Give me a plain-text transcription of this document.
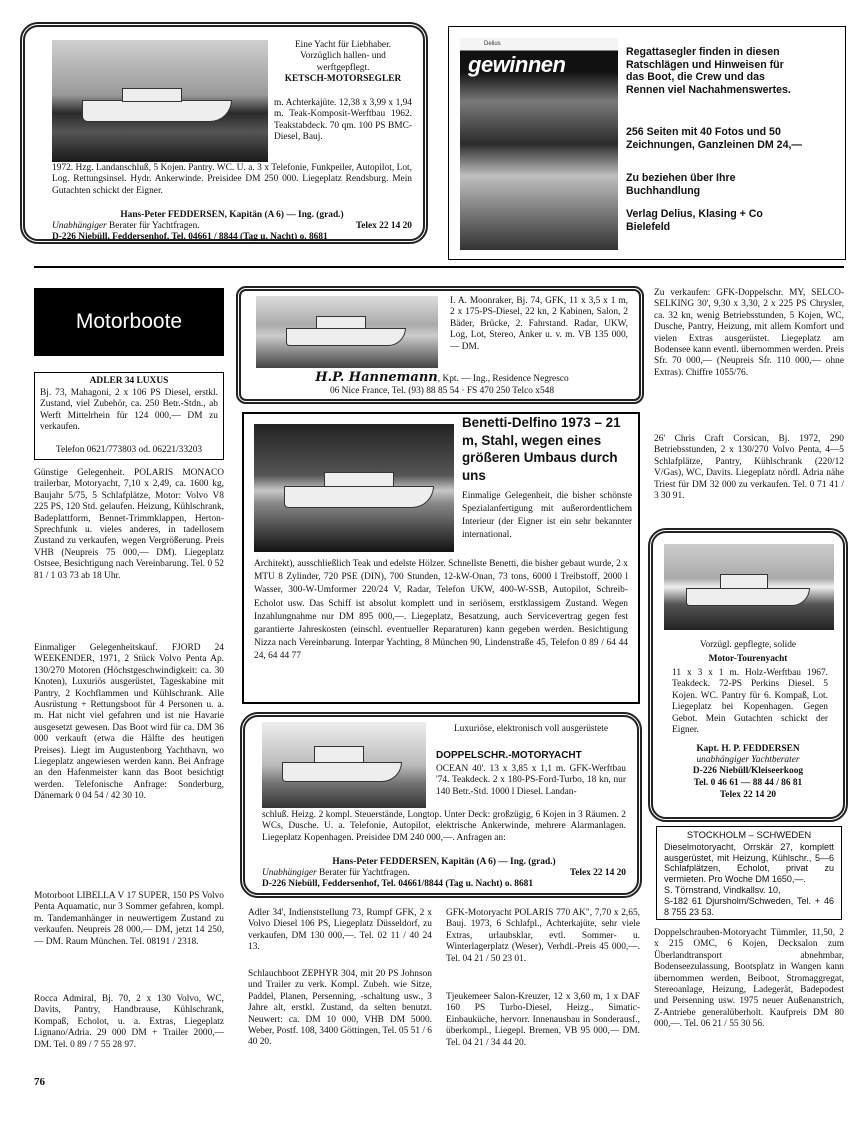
Eine Yacht für Liebhaber. Vorzüglich hallen- und werftgepflegt.
KETSCH-MOTORSEGLER
m. Achterkajüte. 12,38 x 3,99 x 1,94 m. Teak-Komposit-Werftbau 1962. Teakstabdeck. 70 qm. 100 PS BMC-Diesel, Bauj.
1972. Hzg. Landanschluß, 5 Kojen. Pantry. WC. U. a. 3 x Telefonie, Funkpeiler, Autopilot, Lot, Log. Rettungsinsel. Hydr. Ankerwinde. Preisidee DM 250 000. Liegeplatz Rendsburg. Mein Gutachten schickt der Eigner.
Hans-Peter FEDDERSEN, Kapitän (A 6) — Ing. (grad.)
Unabhängiger Berater für Yachtfragen.	Telex 22 14 20
D-226 Niebüll, Feddersenhof, Tel. 04661 / 8844 (Tag u. Nacht) o. 8681
Delius
gewinnen	Regattasegler finden in diesen Ratschlägen und Hinweisen für das Boot, die Crew und das Rennen viel Nachahmenswertes.
256 Seiten mit 40 Fotos und 50 Zeichnungen, Ganzleinen DM 24,—
Zu beziehen über Ihre Buchhandlung
Verlag Delius, Klasing + Co Bielefeld
Motorboote
ADLER 34 LUXUS
Bj. 73, Mahagoni, 2 x 106 PS Diesel, erstkl. Zustand, viel Zubehör, ca. 250 Betr.-Stdn., ab Werft Mittelrhein für 124 000,— DM zu verkaufen.
Telefon 0621/773803 od. 06221/33203
Günstige Gelegenheit. POLARIS MONACO trailerbar, Motoryacht, 7,10 x 2,49, ca. 1600 kg, Baujahr 5/75, 5 Schlafplätze, Motor: Volvo V8 225 PS, 120 Std. gelaufen. Heizung, Kühlschrank, Badeplattform, Bennet-Trimmklappen, Herton-Sprechfunk u. vieles anderes, in tadellosem Zustand zu verkaufen, wegen Vergrößerung. Preis VHB (Neupreis 75 000,— DM). Liegeplatz Ostsee, Besichtigung nach Vereinbarung. Tel. 0 52 81 / 1 03 73 ab 18 Uhr.
Einmaliger Gelegenheitskauf. FJORD 24 WEEKENDER, 1971, 2 Stück Volvo Penta Ap. 130/270 Motoren (Höchstgeschwindigkeit: ca. 30 Knoten), Luxuriös ausgerüstet, Tageskabine mit Pantry, 2 Kochflammen und Kühlschrank. Alle Ausrüstung + Rettungsboot für 4 Personen u. a. m. Hat nicht viel gefahren und ist nie Havarie ausgesetzt gewesen. Das Boot wird für ca. DM 36 000 verkauft (etwa die Hälfte des heutigen Preises). Liegt im Augustenborg Yachthavn, wo Liegeplatz angewiesen werden kann. Bei Anfrage an den Hafenmeister kann das Boot besichtigt werden. Telefonische Anfrage: Sonderburg, Dänemark 0 04 54 / 42 30 10.
Motorboot LIBELLA V 17 SUPER, 150 PS Volvo Penta Aquamatic, nur 3 Sommer gefahren, kompl. m. Tandemanhänger in neuwertigem Zustand zu verkaufen. Neupreis 28 000,— DM, jetzt 14 250,— DM. Raum München. Tel. 08191 / 2318.
Rocca Admiral, Bj. 70, 2 x 130 Volvo, WC, Davits, Pantry, Handbrause, Kühlschrank, Kompaß, Echolot, u. a. Extras, Liegeplatz Lignano/Adria. 29 000 DM + Trailer 2000,— DM. Tel. 0 89 / 7 55 28 97.
76
I. A. Moonraker, Bj. 74, GFK, 11 x 3,5 x 1 m, 2 x 175-PS-Diesel, 22 kn, 2 Kabinen, Salon, 2 Bäder, Brücke, 2. Fahrstand. Radar, UKW, Log, Lot, Stereo, Anker u. v. m. VB 135 000,— DM.
H.P. Hannemann, Kpt. — Ing., Residence Negresco
06 Nice France, Tel. (93) 88 85 54 · FS 470 250 Telco x548
Benetti-Delfino 1973 – 21 m, Stahl, wegen eines größeren Umbaus durch uns
Einmalige Gelegenheit, die bisher schönste Spezialanfertigung mit außerordentlichem Interieur (der Eigner ist ein sehr bekannter international.
Architekt), ausschließlich Teak und edelste Hölzer. Schnellste Benetti, die bisher gebaut wurde, 2 x MTU 8 Zylinder, 720 PSE (DIN), 700 Stunden, 12-kW-Onan, 73 tons, 6000 l Treibstoff, 2000 l Wasser, 300-W-Umformer 220/24 V, Radar, Telefon UKW, 400-W-SSB, Autopilot, Schreib-Echolot usw. Das Schiff ist absolut komplett und in seriösem, erstklassigem Zustand. Wegen Inzahlungnahme nur DM 895 000,—. Liegeplatz, Besatzung, auch Servicevertrag gegen fest garantierte Jahreskosten (einschl. eventueller Reparaturen) kann gegeben werden. Besichtigung Nizza nach Vereinbarung. Interpar Yachting, 8 München 90, Lindenstraße 45, Telefon 0 89 / 64 44 24, 64 44 77
Luxuriöse, elektronisch voll ausgerüstete
DOPPELSCHR.-MOTORYACHT
OCEAN 40'. 13 x 3,85 x 1,1 m. GFK-Werftbau '74. Teakdeck. 2 x 180-PS-Ford-Turbo, 18 kn, nur 140 Betr.-Std. 1000 l Diesel. Landan-
schluß. Heizg. 2 kompl. Steuerstände, Longtop. Unter Deck: großzügig, 6 Kojen in 3 Räumen. 2 WCs, Dusche. U. a. Telefonie, Autopilot, elektrische Ankerwinde, mehrere Alarmanlagen. Liegeplatz Kopenhagen. Preisidee DM 240 000,—. Anfragen an:
Hans-Peter FEDDERSEN, Kapitän (A 6) — Ing. (grad.)
Unabhängiger Berater für Yachtfragen.	Telex 22 14 20
D-226 Niebüll, Feddersenhof, Tel. 04661/8844 (Tag u. Nacht) o. 8681
Adler 34', Indienststellung 73, Rumpf GFK, 2 x Volvo Diesel 106 PS, Liegeplatz Düsseldorf, zu verkaufen, DM 130 000,—. Tel. 02 11 / 40 24 13.
Schlauchboot ZEPHYR 304, mit 20 PS Johnson und Trailer zu verk. Kompl. Zubeh. wie Sitze, Paddel, Planen, Persenning, -schaltung usw., 3 Jahre alt, erstkl. Zustand, da selten benutzt. Neuwert: ca. DM 10 000, VHB DM 5000. Weber, Postf. 108, 3400 Göttingen, Tel. 05 51 / 6 40 20.
GFK-Motoryacht POLARIS 770 AK", 7,70 x 2,65, Bauj. 1973, 6 Schlafpl., Achterkajüte, sehr viele Extras, urlaubsklar, evtl. Sommer- u. Winterlagerplatz (Weser), Verhdl.-Preis 45 000,—. Tel. 04 21 / 50 23 01.
Tjeukemeer Salon-Kreuzer, 12 x 3,60 m, 1 x DAF 160 PS Turbo-Diesel, Heizg., Simatic-Einbauküche, hervorr. Innenausbau in Sonderausf., überkompl., Liegepl. Bremen, VB 95 000,— DM. Tel. 04 21 / 34 44 20.
Zu verkaufen: GFK-Doppelschr. MY, SELCO-SELKING 30', 9,30 x 3,30, 2 x 225 PS Chrysler, ca. 32 kn, wenig Betriebsstunden, 5 Kojen, WC, Dusche, Pantry, Heizung, mit allem Komfort und vielen Extras ausgerüstet. Liegeplatz am Bodensee kann eventl. übernommen werden. Preis Sfr. 70 000,— (Neupreis Sfr. 110 000,— ohne Extras). Chiffre 1055/76.
26' Chris Craft Corsican, Bj. 1972, 290 Betriebsstunden, 2 x 130/270 Volvo Penta, 4—5 Schlafplätze, Pantry, Kühlschrank (220/12 V/Gas), WC, Davits. Liegeplatz nördl. Adria nähe Triest für DM 32 000 zu verkaufen. Tel. 0 71 41 / 3 30 91.
Vorzügl. gepflegte, solide
Motor-Tourenyacht
11 x 3 x 1 m. Holz-Werftbau 1967. Teakdeck. 72-PS Perkins Diesel. 5 Kojen. WC. Pantry für 6. Kompaß, Lot. Liegeplatz bei Kopenhagen. Gegen Gebot. Mein Gutachten schickt der Eigner.
Kapt. H. P. FEDDERSEN
unabhängiger Yachtberater
D-226 Niebüll/Kleiseerkoog
Tel. 0 46 61 — 88 44 / 86 81
Telex 22 14 20
STOCKHOLM – SCHWEDEN
Dieselmotoryacht, Orrskär 27, komplett ausgerüstet, mit Heizung, Kühlschr., 5—6 Schlafplätzen, Echolot, privat zu vermieten. Pro Woche DM 1650,—.
S. Törnstrand, Vindkallsv. 10,
S-182 61 Djursholm/Schweden, Tel. + 46 8 755 23 53.
Doppelschrauben-Motoryacht Tümmler, 11,50, 2 x 215 OMC, 6 Kojen, Decksalon zum Überlandtransport abnehmbar, Bodenseezulassung, Bootsplatz in Wangen kann übernommen werden, Beiboot, Stromaggregat, Stereoanlage, Heizung, Ladegerät, Badepodest und Persenning usw. 1975 neuer Außenanstrich, Z-Antriebe generalüberholt. Kaufpreis DM 80 000,—. Tel. 06 21 / 55 30 56.
